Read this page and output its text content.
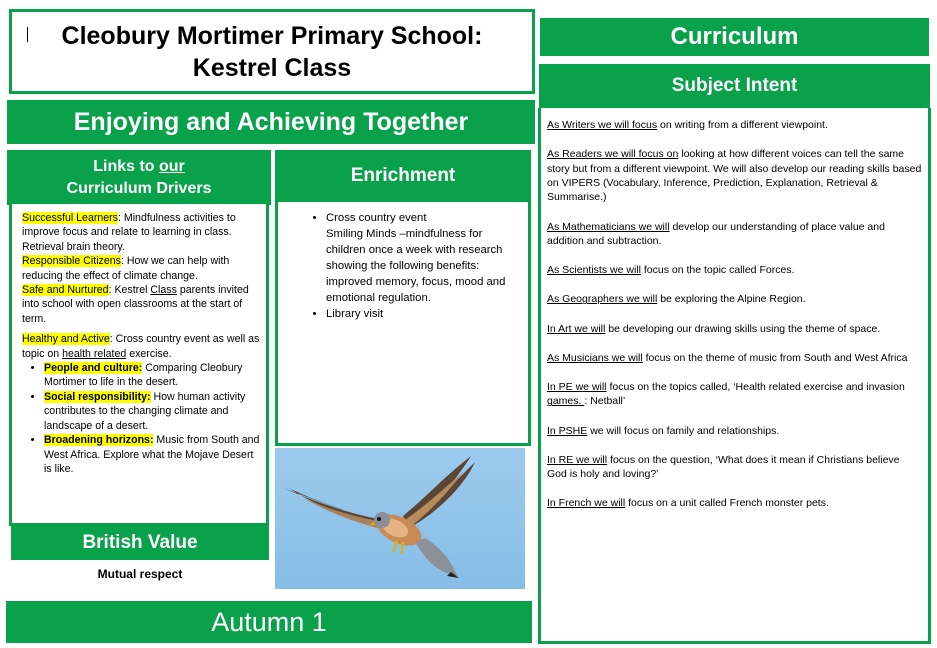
Cleobury Mortimer Primary School:
Kestrel Class
Curriculum
Enjoying and Achieving Together
Links to our
Curriculum Drivers
Successful Learners: Mindfulness activities to improve focus and relate to learning in class. Retrieval brain theory.
Responsible Citizens: How we can help with reducing the effect of climate change.
Safe and Nurtured: Kestrel Class parents invited into school with open classrooms at the start of term.
Healthy and Active: Cross country event as well as topic on health related exercise.
• People and culture: Comparing Cleobury Mortimer to life in the desert.
• Social responsibility: How human activity contributes to the changing climate and landscape of a desert.
• Broadening horizons: Music from South and West Africa. Explore what the Mojave Desert is like.
Enrichment
• Cross country event
Smiling Minds –mindfulness for children once a week with research showing the following benefits: improved memory, focus, mood and emotional regulation.
• Library visit
British Value
Mutual respect
Autumn 1
Subject Intent

As Writers we will focus on writing from a different viewpoint.

As Readers we will focus on looking at how different voices can tell the same story but from a different viewpoint. We will also develop our reading skills based on VIPERS (Vocabulary, Inference, Prediction, Explanation, Retrieval & Summarise.)

As Mathematicians we will develop our understanding of place value and addition and subtraction.

As Scientists we will focus on the topic called Forces.

As Geographers we will be exploring the Alpine Region.

In Art we will be developing our drawing skills using the theme of space.

As Musicians we will focus on the theme of music from South and West Africa

In PE we will focus on the topics called, ‘Health related exercise and invasion games. : Netball’

In PSHE we will focus on family and relationships.

In RE we will focus on the question, ‘What does it mean if Christians believe God is holy and loving?’

In French we will focus on a unit called French monster pets.
